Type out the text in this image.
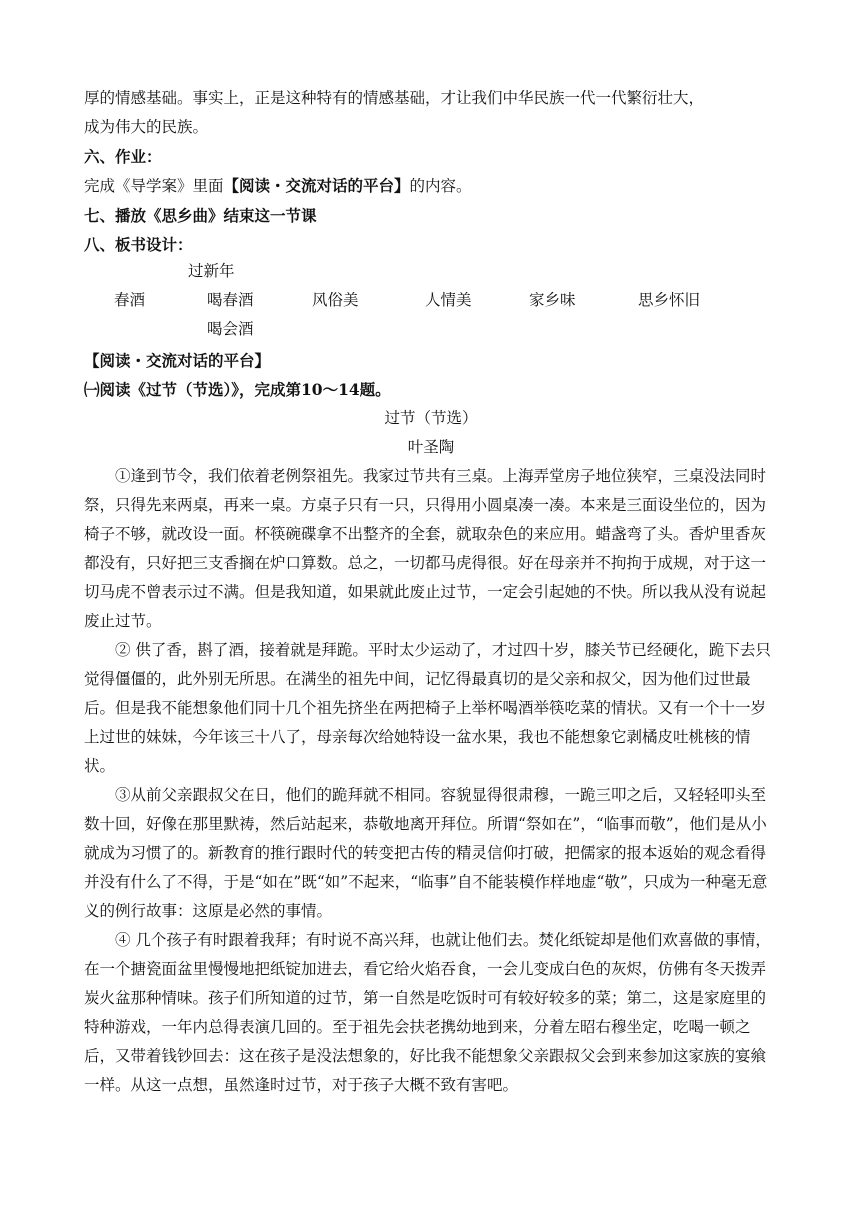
厚的情感基础。事实上，正是这种特有的情感基础，才让我们中华民族一代一代繁衍壮大，

成为伟大的民族。

六、作业：

完成《导学案》里面【阅读・交流对话的平台】的内容。

七、播放《思乡曲》结束这一节课

八、板书设计：

过新年
春酒	喝春酒	风俗美	人情美	家乡味	思乡怀旧
喝会酒

【阅读・交流对话的平台】

㈠阅读《过节（节选）》，完成第10～14题。

过节（节选）

叶圣陶

①逢到节令，我们依着老例祭祖先。我家过节共有三桌。上海弄堂房子地位狭窄，三桌没法同时祭，只得先来两桌，再来一桌。方桌子只有一只，只得用小圆桌凑一凑。本来是三面设坐位的，因为椅子不够，就改设一面。杯筷碗碟拿不出整齐的全套，就取杂色的来应用。蜡盏弯了头。香炉里香灰都没有，只好把三支香搁在炉口算数。总之，一切都马虎得很。好在母亲并不拘拘于成规，对于这一切马虎不曾表示过不满。但是我知道，如果就此废止过节，一定会引起她的不快。所以我从没有说起废止过节。

② 供了香，斟了酒，接着就是拜跪。平时太少运动了，才过四十岁，膝关节已经硬化，跪下去只觉得僵僵的，此外别无所思。在满坐的祖先中间，记忆得最真切的是父亲和叔父，因为他们过世最后。但是我不能想象他们同十几个祖先挤坐在两把椅子上举杯喝酒举筷吃菜的情状。又有一个十一岁上过世的妹妹，今年该三十八了，母亲每次给她特设一盆水果，我也不能想象它剥橘皮吐桃核的情状。

③从前父亲跟叔父在日，他们的跪拜就不相同。容貌显得很肃穆，一跪三叩之后，又轻轻叩头至数十回，好像在那里默祷，然后站起来，恭敬地离开拜位。所谓“祭如在”，“临事而敬”，他们是从小就成为习惯了的。新教育的推行跟时代的转变把古传的精灵信仰打破，把儒家的报本返始的观念看得并没有什么了不得，于是“如在”既“如”不起来，“临事”自不能装模作样地虚“敬”，只成为一种毫无意义的例行故事：这原是必然的事情。

④ 几个孩子有时跟着我拜；有时说不高兴拜，也就让他们去。焚化纸锭却是他们欢喜做的事情，在一个搪瓷面盆里慢慢地把纸锭加进去，看它给火焰吞食，一会儿变成白色的灰烬，仿佛有冬天拨弄炭火盆那种情味。孩子们所知道的过节，第一自然是吃饭时可有较好较多的菜；第二，这是家庭里的特种游戏，一年内总得表演几回的。至于祖先会扶老携幼地到来，分着左昭右穆坐定，吃喝一顿之后，又带着钱钞回去：这在孩子是没法想象的，好比我不能想象父亲跟叔父会到来参加这家族的宴飨一样。从这一点想，虽然逢时过节，对于孩子大概不致有害吧。
